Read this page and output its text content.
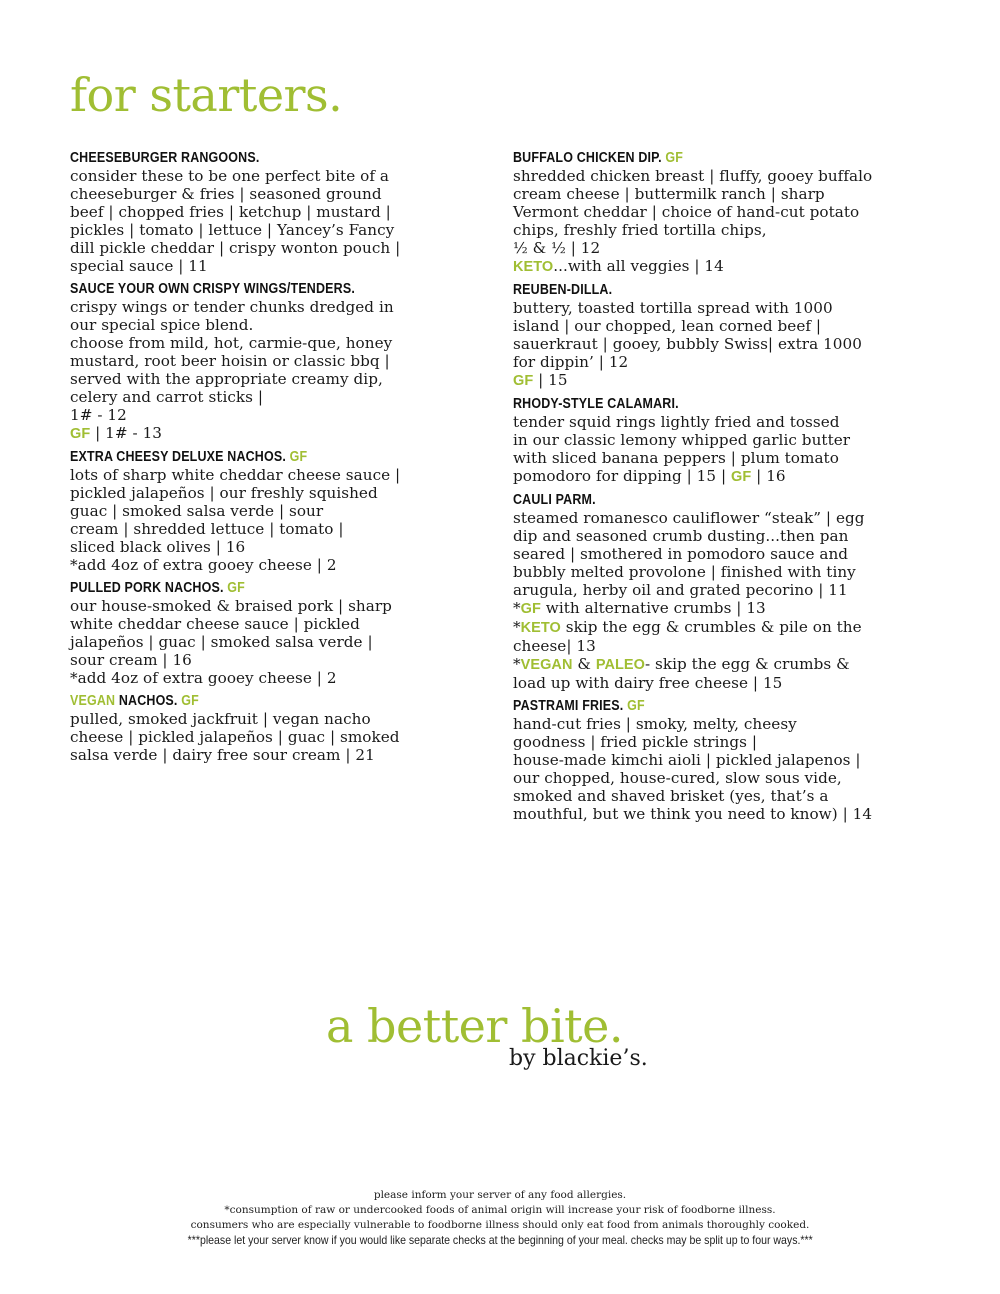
for starters.
CHEESEBURGER RANGOONS.
consider these to be one perfect bite of a
cheeseburger & fries | seasoned ground
beef | chopped fries | ketchup | mustard |
pickles | tomato | lettuce | Yancey’s Fancy
dill pickle cheddar | crispy wonton pouch |
special sauce | 11
SAUCE YOUR OWN CRISPY WINGS/TENDERS.
crispy wings or tender chunks dredged in
our special spice blend.
choose from mild, hot, carmie-que, honey
mustard, root beer hoisin or classic bbq |
served with the appropriate creamy dip,
celery and carrot sticks |
1# - 12
GF | 1# - 13
EXTRA CHEESY DELUXE NACHOS. GF
lots of sharp white cheddar cheese sauce |
pickled jalapeños | our freshly squished
guac | smoked salsa verde | sour
cream | shredded lettuce | tomato |
sliced black olives | 16
*add 4oz of extra gooey cheese | 2
PULLED PORK NACHOS. GF
our house-smoked & braised pork | sharp
white cheddar cheese sauce | pickled
jalapeños | guac | smoked salsa verde |
sour cream | 16
*add 4oz of extra gooey cheese | 2
VEGAN NACHOS. GF
pulled, smoked jackfruit | vegan nacho
cheese | pickled jalapeños | guac | smoked
salsa verde | dairy free sour cream | 21
BUFFALO CHICKEN DIP. GF
shredded chicken breast | fluffy, gooey buffalo
cream cheese | buttermilk ranch | sharp
Vermont cheddar | choice of hand-cut potato
chips, freshly fried tortilla chips,
½ & ½ | 12
KETO...with all veggies | 14
REUBEN-DILLA.
buttery, toasted tortilla spread with 1000
island | our chopped, lean corned beef |
sauerkraut | gooey, bubbly Swiss| extra 1000
for dippin’ | 12
GF | 15
RHODY-STYLE CALAMARI.
tender squid rings lightly fried and tossed
in our classic lemony whipped garlic butter
with sliced banana peppers | plum tomato
pomodoro for dipping | 15 | GF | 16
CAULI PARM.
steamed romanesco cauliflower “steak” | egg
dip and seasoned crumb dusting...then pan
seared | smothered in pomodoro sauce and
bubbly melted provolone | finished with tiny
arugula, herby oil and grated pecorino | 11
*GF with alternative crumbs | 13
*KETO skip the egg & crumbles & pile on the
cheese| 13
*VEGAN & PALEO- skip the egg & crumbs &
load up with dairy free cheese | 15
PASTRAMI FRIES. GF
hand-cut fries | smoky, melty, cheesy
goodness | fried pickle strings |
house-made kimchi aioli | pickled jalapenos |
our chopped, house-cured, slow sous vide,
smoked and shaved brisket (yes, that’s a
mouthful, but we think you need to know) | 14
a better bite.
by blackie’s.
please inform your server of any food allergies.
*consumption of raw or undercooked foods of animal origin will increase your risk of foodborne illness.
consumers who are especially vulnerable to foodborne illness should only eat food from animals thoroughly cooked.
***please let your server know if you would like separate checks at the beginning of your meal. checks may be split up to four ways.***
